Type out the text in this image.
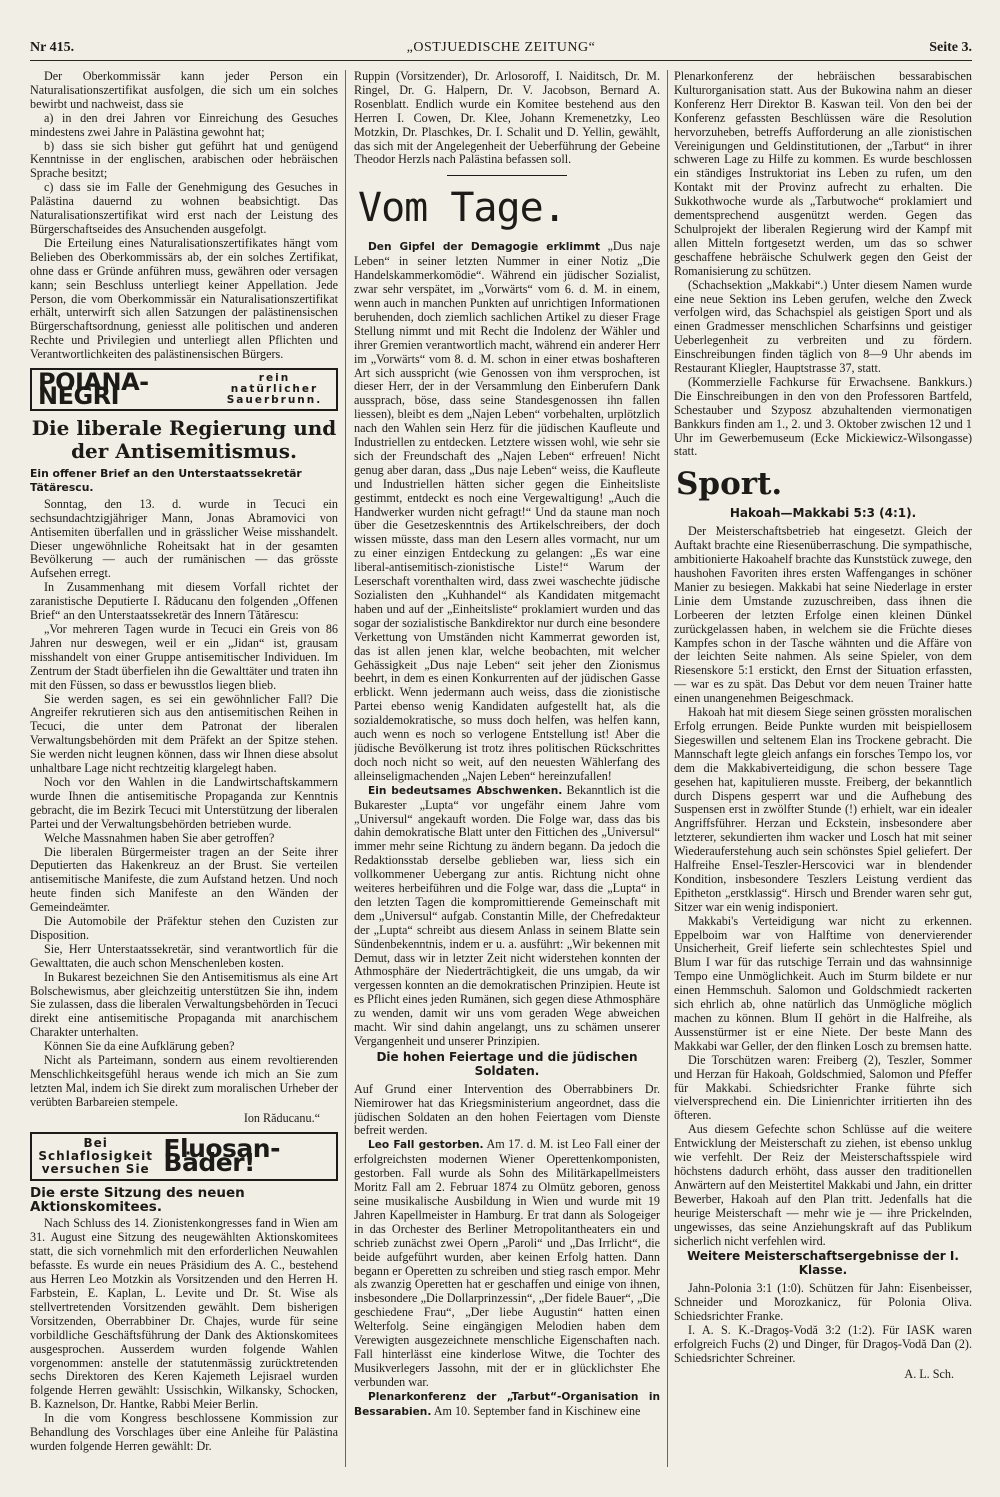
Nr 415.	„OSTJUEDISCHE ZEITUNG“	Seite 3.

Der Oberkommissär kann jeder Person ein Naturalisationszertifikat ausfolgen, die sich um ein solches bewirbt und nachweist, dass sie

a) in den drei Jahren vor Einreichung des Gesuches mindestens zwei Jahre in Palästina gewohnt hat;

b) dass sie sich bisher gut geführt hat und genügend Kenntnisse in der englischen, arabischen oder hebräischen Sprache besitzt;

c) dass sie im Falle der Genehmigung des Gesuches in Palästina dauernd zu wohnen beabsichtigt. Das Naturalisationszertifikat wird erst nach der Leistung des Bürgerschaftseides des Ansuchenden ausgefolgt.

Die Erteilung eines Naturalisationszertifikates hängt vom Belieben des Oberkommissärs ab, der ein solches Zertifikat, ohne dass er Gründe anführen muss, gewähren oder versagen kann; sein Beschluss unterliegt keiner Appellation. Jede Person, die vom Oberkommissär ein Naturalisationszertifikat erhält, unterwirft sich allen Satzungen der palästinensischen Bürgerschaftsordnung, geniesst alle politischen und anderen Rechte und Privilegien und unterliegt allen Pflichten und Verantwortlichkeiten des palästinensischen Bürgers.

POIANA-NEGRI
rein natürlicher
Sauerbrunn.
Die liberale Regierung und der Antisemitismus.
Ein offener Brief an den Unterstaatssekretär Tätärescu.

Sonntag, den 13. d. wurde in Tecuci ein sechsundachtzigjähriger Mann, Jonas Abramovici von Antisemiten überfallen und in grässlicher Weise misshandelt. Dieser ungewöhnliche Roheitsakt hat in der gesamten Bevölkerung — auch der rumänischen — das grösste Aufsehen erregt.

In Zusammenhang mit diesem Vorfall richtet der zaranistische Deputierte I. Răducanu den folgenden „Offenen Brief“ an den Unterstaatssekretär des Innern Tătărescu:

„Vor mehreren Tagen wurde in Tecuci ein Greis von 86 Jahren nur deswegen, weil er ein „Jidan“ ist, grausam misshandelt von einer Gruppe antisemitischer Individuen. Im Zentrum der Stadt überfielen ihn die Gewalttäter und traten ihn mit den Füssen, so dass er bewusstlos liegen blieb.

Sie werden sagen, es sei ein gewöhnlicher Fall? Die Angreifer rekrutieren sich aus den antisemitischen Reihen in Tecuci, die unter dem Patronat der liberalen Verwaltungsbehörden mit dem Präfekt an der Spitze stehen. Sie werden nicht leugnen können, dass wir Ihnen diese absolut unhaltbare Lage nicht rechtzeitig klargelegt haben.

Noch vor den Wahlen in die Landwirtschaftskammern wurde Ihnen die antisemitische Propaganda zur Kenntnis gebracht, die im Bezirk Tecuci mit Unterstützung der liberalen Partei und der Verwaltungsbehörden betrieben wurde.

Welche Massnahmen haben Sie aber getroffen?

Die liberalen Bürgermeister tragen an der Seite ihrer Deputierten das Hakenkreuz an der Brust. Sie verteilen antisemitische Manifeste, die zum Aufstand hetzen. Und noch heute finden sich Manifeste an den Wänden der Gemeindeämter.

Die Automobile der Präfektur stehen den Cuzisten zur Disposition.

Sie, Herr Unterstaatssekretär, sind verantwortlich für die Gewalttaten, die auch schon Menschenleben kosten.

In Bukarest bezeichnen Sie den Antisemitismus als eine Art Bolschewismus, aber gleichzeitig unterstützen Sie ihn, indem Sie zulassen, dass die liberalen Verwaltungsbehörden in Tecuci direkt eine antisemitische Propaganda mit anarchischem Charakter unterhalten.

Können Sie da eine Aufklärung geben?

Nicht als Parteimann, sondern aus einem revoltierenden Menschlichkeitsgefühl heraus wende ich mich an Sie zum letzten Mal, indem ich Sie direkt zum moralischen Urheber der verübten Barbareien stempele.

Ion Răducanu.“

Bei Schlaflosigkeit
versuchen Sie
Fluosan-Bäder!
Die erste Sitzung des neuen Aktionskomitees.

Nach Schluss des 14. Zionistenkongresses fand in Wien am 31. August eine Sitzung des neugewählten Aktionskomitees statt, die sich vornehmlich mit den erforderlichen Neuwahlen befasste. Es wurde ein neues Präsidium des A. C., bestehend aus Herren Leo Motzkin als Vorsitzenden und den Herren H. Farbstein, E. Kaplan, L. Levite und Dr. St. Wise als stellvertretenden Vorsitzenden gewählt. Dem bisherigen Vorsitzenden, Oberrabbiner Dr. Chajes, wurde für seine vorbildliche Geschäftsführung der Dank des Aktionskomitees ausgesprochen. Ausserdem wurden folgende Wahlen vorgenommen: anstelle der statutenmässig zurücktretenden sechs Direktoren des Keren Kajemeth Lejisrael wurden folgende Herren gewählt: Ussischkin, Wilkansky, Schocken, B. Kaznelson, Dr. Hantke, Rabbi Meier Berlin.

In die vom Kongress beschlossene Kommission zur Behandlung des Vorschlages über eine Anleihe für Palästina wurden folgende Herren gewählt: Dr.

Ruppin (Vorsitzender), Dr. Arlosoroff, I. Naiditsch, Dr. M. Ringel, Dr. G. Halpern, Dr. V. Jacobson, Bernard A. Rosenblatt. Endlich wurde ein Komitee bestehend aus den Herren I. Cowen, Dr. Klee, Johann Kremenetzky, Leo Motzkin, Dr. Plaschkes, Dr. I. Schalit und D. Yellin, gewählt, das sich mit der Angelegenheit der Ueberführung der Gebeine Theodor Herzls nach Palästina befassen soll.

Vom Tage.

Den Gipfel der Demagogie erklimmt „Dus naje Leben“ in seiner letzten Nummer in einer Notiz „Die Handelskammerkomödie“. Während ein jüdischer Sozialist, zwar sehr verspätet, im „Vorwärts“ vom 6. d. M. in einem, wenn auch in manchen Punkten auf unrichtigen Informationen beruhenden, doch ziemlich sachlichen Artikel zu dieser Frage Stellung nimmt und mit Recht die Indolenz der Wähler und ihrer Gremien verantwortlich macht, während ein anderer Herr im „Vorwärts“ vom 8. d. M. schon in einer etwas boshafteren Art sich ausspricht (wie Genossen von ihm versprochen, ist dieser Herr, der in der Versammlung den Einberufern Dank aussprach, böse, dass seine Standesgenossen ihn fallen liessen), bleibt es dem „Najen Leben“ vorbehalten, urplötzlich nach den Wahlen sein Herz für die jüdischen Kaufleute und Industriellen zu entdecken. Letztere wissen wohl, wie sehr sie sich der Freundschaft des „Najen Leben“ erfreuen! Nicht genug aber daran, dass „Dus naje Leben“ weiss, die Kaufleute und Industriellen hätten sicher gegen die Einheitsliste gestimmt, entdeckt es noch eine Vergewaltigung! „Auch die Handwerker wurden nicht gefragt!“ Und da staune man noch über die Gesetzeskenntnis des Artikelschreibers, der doch wissen müsste, dass man den Lesern alles vormacht, nur um zu einer einzigen Entdeckung zu gelangen: „Es war eine liberal-antisemitisch-zionistische Liste!“ Warum der Leserschaft vorenthalten wird, dass zwei waschechte jüdische Sozialisten den „Kuhhandel“ als Kandidaten mitgemacht haben und auf der „Einheitsliste“ proklamiert wurden und das sogar der sozialistische Bankdirektor nur durch eine besondere Verkettung von Umständen nicht Kammerrat geworden ist, das ist allen jenen klar, welche beobachten, mit welcher Gehässigkeit „Dus naje Leben“ seit jeher den Zionismus beehrt, in dem es einen Konkurrenten auf der jüdischen Gasse erblickt. Wenn jedermann auch weiss, dass die zionistische Partei ebenso wenig Kandidaten aufgestellt hat, als die sozialdemokratische, so muss doch helfen, was helfen kann, auch wenn es noch so verlogene Entstellung ist! Aber die jüdische Bevölkerung ist trotz ihres politischen Rückschrittes doch noch nicht so weit, auf den neuesten Wählerfang des alleinseligmachenden „Najen Leben“ hereinzufallen!

Ein bedeutsames Abschwenken. Bekanntlich ist die Bukarester „Lupta“ vor ungefähr einem Jahre vom „Universul“ angekauft worden. Die Folge war, dass das bis dahin demokratische Blatt unter den Fittichen des „Universul“ immer mehr seine Richtung zu ändern begann. Da jedoch die Redaktionsstab derselbe geblieben war, liess sich ein vollkommener Uebergang zur antis. Richtung nicht ohne weiteres herbeiführen und die Folge war, dass die „Lupta“ in den letzten Tagen die kompromittierende Gemeinschaft mit dem „Universul“ aufgab. Constantin Mille, der Chefredakteur der „Lupta“ schreibt aus diesem Anlass in seinem Blatte sein Sündenbekenntnis, indem er u. a. ausführt: „Wir bekennen mit Demut, dass wir in letzter Zeit nicht widerstehen konnten der Athmosphäre der Niederträchtigkeit, die uns umgab, da wir vergessen konnten an die demokratischen Prinzipien. Heute ist es Pflicht eines jeden Rumänen, sich gegen diese Athmosphäre zu wenden, damit wir uns vom geraden Wege abweichen macht. Wir sind dahin angelangt, uns zu schämen unserer Vergangenheit und unserer Prinzipien.

Die hohen Feiertage und die jüdischen Soldaten.

Auf Grund einer Intervention des Oberrabbiners Dr. Niemirower hat das Kriegsministerium angeordnet, dass die jüdischen Soldaten an den hohen Feiertagen vom Dienste befreit werden.

Leo Fall gestorben. Am 17. d. M. ist Leo Fall einer der erfolgreichsten modernen Wiener Operettenkomponisten, gestorben. Fall wurde als Sohn des Militärkapellmeisters Moritz Fall am 2. Februar 1874 zu Olmütz geboren, genoss seine musikalische Ausbildung in Wien und wurde mit 19 Jahren Kapellmeister in Hamburg. Er trat dann als Sologeiger in das Orchester des Berliner Metropolitantheaters ein und schrieb zunächst zwei Opern „Paroli“ und „Das Irrlicht“, die beide aufgeführt wurden, aber keinen Erfolg hatten. Dann begann er Operetten zu schreiben und stieg rasch empor. Mehr als zwanzig Operetten hat er geschaffen und einige von ihnen, insbesondere „Die Dollarprinzessin“, „Der fidele Bauer“, „Die geschiedene Frau“, „Der liebe Augustin“ hatten einen Welterfolg. Seine eingängigen Melodien haben dem Verewigten ausgezeichnete menschliche Eigenschaften nach. Fall hinterlässt eine kinderlose Witwe, die Tochter des Musikverlegers Jassohn, mit der er in glücklichster Ehe verbunden war.

Plenarkonferenz der „Tarbut“-Organisation in Bessarabien. Am 10. September fand in Kischinew eine

Plenarkonferenz der hebräischen bessarabischen Kulturorganisation statt. Aus der Bukowina nahm an dieser Konferenz Herr Direktor B. Kaswan teil. Von den bei der Konferenz gefassten Beschlüssen wäre die Resolution hervorzuheben, betreffs Aufforderung an alle zionistischen Vereinigungen und Geldinstitutionen, der „Tarbut“ in ihrer schweren Lage zu Hilfe zu kommen. Es wurde beschlossen ein ständiges Instruktoriat ins Leben zu rufen, um den Kontakt mit der Provinz aufrecht zu erhalten. Die Sukkothwoche wurde als „Tarbutwoche“ proklamiert und dementsprechend ausgenützt werden. Gegen das Schulprojekt der liberalen Regierung wird der Kampf mit allen Mitteln fortgesetzt werden, um das so schwer geschaffene hebräische Schulwerk gegen den Geist der Romanisierung zu schützen.

(Schachsektion „Makkabi“.) Unter diesem Namen wurde eine neue Sektion ins Leben gerufen, welche den Zweck verfolgen wird, das Schachspiel als geistigen Sport und als einen Gradmesser menschlichen Scharfsinns und geistiger Ueberlegenheit zu verbreiten und zu fördern. Einschreibungen finden täglich von 8—9 Uhr abends im Restaurant Kliegler, Hauptstrasse 37, statt.

(Kommerzielle Fachkurse für Erwachsene. Bankkurs.) Die Einschreibungen in den von den Professoren Bartfeld, Schestauber und Szyposz abzuhaltenden viermonatigen Bankkurs finden am 1., 2. und 3. Oktober zwischen 12 und 1 Uhr im Gewerbemuseum (Ecke Mickiewicz-Wilsongasse) statt.

Sport.
Hakoah—Makkabi 5:3 (4:1).

Der Meisterschaftsbetrieb hat eingesetzt. Gleich der Auftakt brachte eine Riesenüberraschung. Die sympathische, ambitionierte Hakoahelf brachte das Kunststück zuwege, den haushohen Favoriten ihres ersten Waffenganges in schöner Manier zu besiegen. Makkabi hat seine Niederlage in erster Linie dem Umstande zuzuschreiben, dass ihnen die Lorbeeren der letzten Erfolge einen kleinen Dünkel zurückgelassen haben, in welchem sie die Früchte dieses Kampfes schon in der Tasche wähnten und die Affäre von der leichten Seite nahmen. Als seine Spieler, von dem Riesenskore 5:1 erstickt, den Ernst der Situation erfassten, — war es zu spät. Das Debut vor dem neuen Trainer hatte einen unangenehmen Beigeschmack.

Hakoah hat mit diesem Siege seinen grössten moralischen Erfolg errungen. Beide Punkte wurden mit beispiellosem Siegeswillen und seltenem Elan ins Trockene gebracht. Die Mannschaft legte gleich anfangs ein forsches Tempo los, vor dem die Makkabiverteidigung, die schon bessere Tage gesehen hat, kapitulieren musste. Freiberg, der bekanntlich durch Dispens gesperrt war und die Aufhebung des Suspensen erst in zwölfter Stunde (!) erhielt, war ein idealer Angriffsführer. Herzan und Eckstein, insbesondere aber letzterer, sekundierten ihm wacker und Losch hat mit seiner Wiederauferstehung auch sein schönstes Spiel geliefert. Der Halfreihe Ensel-Teszler-Herscovici war in blendender Kondition, insbesondere Teszlers Leistung verdient das Epitheton „erstklassig“. Hirsch und Brender waren sehr gut, Sitzer war ein wenig indisponiert.

Makkabi's Verteidigung war nicht zu erkennen. Eppelboim war von Halftime von denervierender Unsicherheit, Greif lieferte sein schlechtestes Spiel und Blum I war für das rutschige Terrain und das wahnsinnige Tempo eine Unmöglichkeit. Auch im Sturm bildete er nur einen Hemmschuh. Salomon und Goldschmiedt rackerten sich ehrlich ab, ohne natürlich das Unmögliche möglich machen zu können. Blum II gehört in die Halfreihe, als Aussenstürmer ist er eine Niete. Der beste Mann des Makkabi war Geller, der den flinken Losch zu bremsen hatte.

Die Torschützen waren: Freiberg (2), Teszler, Sommer und Herzan für Hakoah, Goldschmied, Salomon und Pfeffer für Makkabi. Schiedsrichter Franke führte sich vielversprechend ein. Die Linienrichter irritierten ihn des öfteren.

Aus diesem Gefechte schon Schlüsse auf die weitere Entwicklung der Meisterschaft zu ziehen, ist ebenso unklug wie verfehlt. Der Reiz der Meisterschaftsspiele wird höchstens dadurch erhöht, dass ausser den traditionellen Anwärtern auf den Meistertitel Makkabi und Jahn, ein dritter Bewerber, Hakoah auf den Plan tritt. Jedenfalls hat die heurige Meisterschaft — mehr wie je — ihre Prickelnden, ungewisses, das seine Anziehungskraft auf das Publikum sicherlich nicht verfehlen wird.

Weitere Meisterschaftsergebnisse der I. Klasse.

Jahn-Polonia 3:1 (1:0). Schützen für Jahn: Eisenbeisser, Schneider und Morozkanicz, für Polonia Oliva. Schiedsrichter Franke.

I. A. S. K.-Dragoș-Vodă 3:2 (1:2). Für IASK waren erfolgreich Fuchs (2) und Dinger, für Dragoș-Vodă Dan (2). Schiedsrichter Schreiner.

A. L. Sch.
